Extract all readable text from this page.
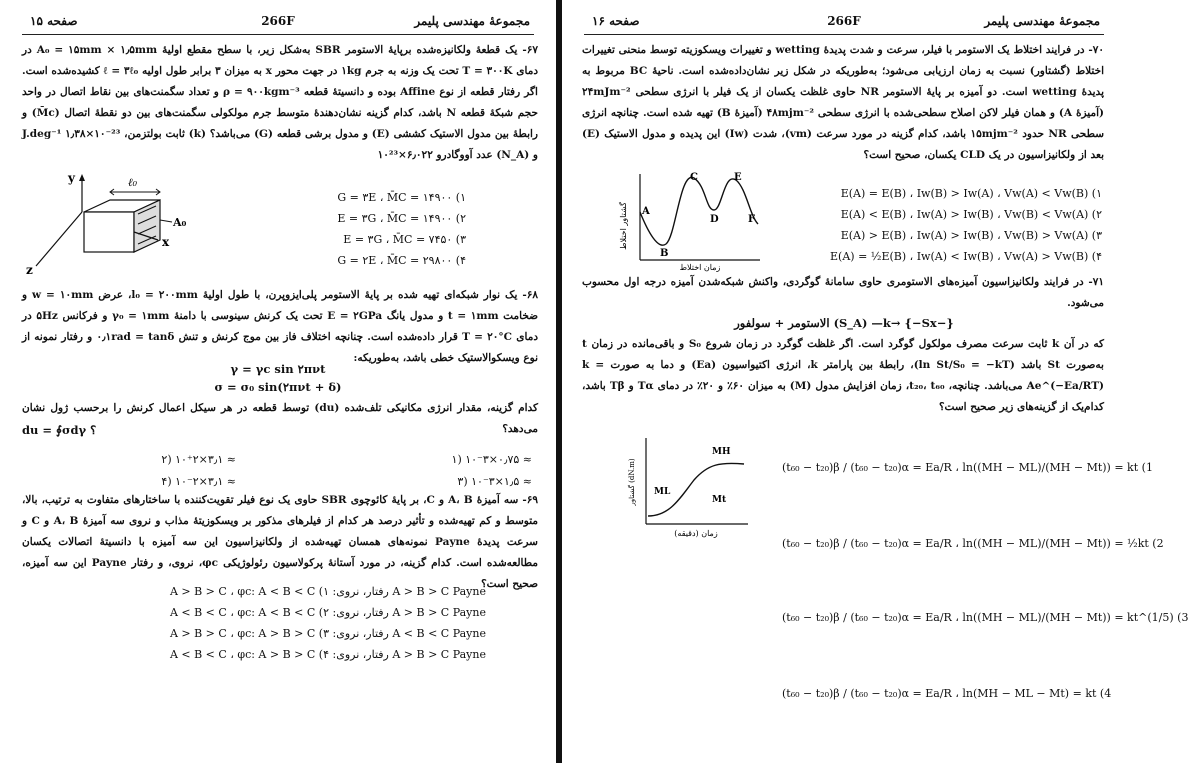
صفحه ۱۵	266F	مجموعهٔ مهندسی پلیمر
۶۷- یک قطعهٔ ولکانیزه‌شده برپایهٔ الاستومر SBR به‌شکل زیر، با سطح مقطع اولیهٔ A₀ = ۱۵mm × ۱٫۵mm در دمای T = ۳۰۰K تحت یک وزنه به جرم ۱kg در جهت محور x به میزان ۳ برابر طول اولیه ℓ = ۳ℓ₀ کشیده‌شده است. اگر رفتار قطعه از نوع Affine بوده و دانسیتهٔ قطعه ρ = ۹۰۰kgm⁻³ و تعداد سگمنت‌های بین نقاط اتصال در واحد حجم شبکهٔ قطعه N باشد، کدام گزینه نشان‌دهندهٔ متوسط جرم مولکولی سگمنت‌های بین دو نقطهٔ اتصال (M̄c) و رابطهٔ بین مدول الاستیک کششی (E) و مدول برشی قطعه (G) می‌باشد؟ (k) ثابت بولتزمن، J.deg⁻¹ ۱٫۳۸×۱۰⁻²³ و (N_A) عدد آووگادرو ۶٫۰۲۲×۱۰²³
y	ℓ₀
A₀
x
z
G = ۳E ، M̄C = ۱۴۹۰۰ (۱
E = ۳G ، M̄C = ۱۴۹۰۰ (۲
E = ۳G ، M̄C = ۷۴۵۰ (۳
G = ۲E ، M̄C = ۲۹۸۰۰ (۴
۶۸- یک نوار شبکه‌ای تهیه شده بر پایهٔ الاستومر پلی‌ایزوپرن، با طول اولیهٔ l₀ = ۲۰۰mm، عرض w = ۱۰mm و ضخامت t = ۱mm و مدول یانگ E = ۲GPa تحت یک کرنش سینوسی با دامنهٔ γ₀ = ۱mm و فرکانس ۵Hz در دمای T = ۲۰°C قرار داده‌شده است. چنانچه اختلاف فاز بین موج کرنش و تنش ۰٫۱rad = tanδ و رفتار نمونه از نوع ویسکوالاستیک خطی باشد، به‌طوریکه:
γ = γc sin ۲πνt
σ = σ₀ sin(۲πνt + δ)
کدام گزینه، مقدار انرژی مکانیکی تلف‌شده (du) توسط قطعه در هر سیکل اعمال کرنش را برحسب ژول نشان می‌دهد؟
du = ∮σdγ ؟
≈ ۰٫۷۵×۱۰⁻۳ (۱
≈ ۳٫۱×۱۰⁺۲ (۲
≈ ۱٫۵×۱۰⁻۳ (۳
≈ ۳٫۱×۱۰⁻۲ (۴
۶۹- سه آمیزهٔ A، B و C، بر پایهٔ کائوچوی SBR حاوی یک نوع فیلر تقویت‌کننده با ساختارهای متفاوت به ترتیب، بالا، متوسط و کم تهیه‌شده و تأثیر درصد هر کدام از فیلرهای مذکور بر ویسکوزیتهٔ مذاب و نروی سه آمیزهٔ A، B و C و سرعت پدیدهٔ Payne نمونه‌های همسان تهیه‌شده از ولکانیزاسیون این سه آمیزه با دانسیتهٔ اتصالات یکسان مطالعه‌شده است. کدام گزینه، در مورد آستانهٔ پرکولاسیون رئولوژیکی φc، نروی، و رفتار Payne این سه آمیزه، صحیح است؟
A > B > C Payne رفتار، نروی: A > B > C ، φc: A < B < C (۱
A > B > C Payne رفتار، نروی: A < B < C ، φc: A < B < C (۲
A < B < C Payne رفتار، نروی: A > B > C ، φc: A > B > C (۳
A > B > C Payne رفتار، نروی: A < B < C ، φc: A > B > C (۴
صفحه ۱۶	266F	مجموعهٔ مهندسی پلیمر
۷۰- در فرایند اختلاط یک الاستومر با فیلر، سرعت و شدت پدیدهٔ wetting و تغییرات ویسکوزیته توسط منحنی تغییرات اختلاط (گشتاور) نسبت به زمان ارزیابی می‌شود؛ به‌طوریکه در شکل زیر نشان‌داده‌شده است. ناحیهٔ BC مربوط به پدیدهٔ wetting است. دو آمیزه بر پایهٔ الاستومر NR حاوی غلظت یکسان از یک فیلر با انرژی سطحی ۲۴mJm⁻² (آمیزهٔ A) و همان فیلر لاکن اصلاح سطحی‌شده با انرژی سطحی ۴۸mjm⁻² (آمیزهٔ B) تهیه شده است. چنانچه انرژی سطحی NR حدود ۱۵mjm⁻² باشد، کدام گزینه در مورد سرعت (vm)، شدت (Iw) این پدیده و مدول الاستیک (E) بعد از ولکانیزاسیون در یک CLD یکسان، صحیح است؟
گشتاور اختلاط
زمان اختلاط
A
B
C
D
E
F
E(A) = E(B) ، Iw(B) > Iw(A) ، Vw(A) < Vw(B) (۱
E(A) < E(B) ، Iw(A) > Iw(B) ، Vw(B) < Vw(A) (۲
E(A) > E(B) ، Iw(A) > Iw(B) ، Vw(B) > Vw(A) (۳
E(A) = ½E(B) ، Iw(A) < Iw(B) ، Vw(A) > Vw(B) (۴
۷۱- در فرایند ولکانیزاسیون آمیزه‌های الاستومری حاوی سامانهٔ گوگردی، واکنش شبکه‌شدن آمیزه درجه اول محسوب می‌شود.
الاستومر + سولفور (S_A) —k→ {−Sx−}
که در آن k ثابت سرعت مصرف مولکول گوگرد است. اگر غلظت گوگرد در زمان شروع S₀ و باقی‌مانده در زمان t به‌صورت St باشد (ln St/S₀ = −kT)، رابطهٔ بین پارامتر k، انرژی اکتیواسیون (Ea) و دما به صورت k = Ae^(−Ea/RT) می‌باشد. چنانچه، t₂₀، t₆₀، زمان افزایش مدول (M) به میزان ۶۰٪ و ۲۰٪ در دمای Tα و Tβ باشد، کدام‌یک از گزینه‌های زیر صحیح است؟
گشتاور (dN.m)
زمان (دقیقه)
MH
ML
Mt
(t₆₀ − t₂₀)β / (t₆₀ − t₂₀)α = Ea/R ، ln((MH − ML)/(MH − Mt)) = kt (1
(t₆₀ − t₂₀)β / (t₆₀ − t₂₀)α = Ea/R ، ln((MH − ML)/(MH − Mt)) = ½kt (2
(t₆₀ − t₂₀)β / (t₆₀ − t₂₀)α = Ea/R ، ln((MH − ML)/(MH − Mt)) = kt^(1/5) (3
(t₆₀ − t₂₀)β / (t₆₀ − t₂₀)α = Ea/R ، ln(MH − ML − Mt) = kt (4
